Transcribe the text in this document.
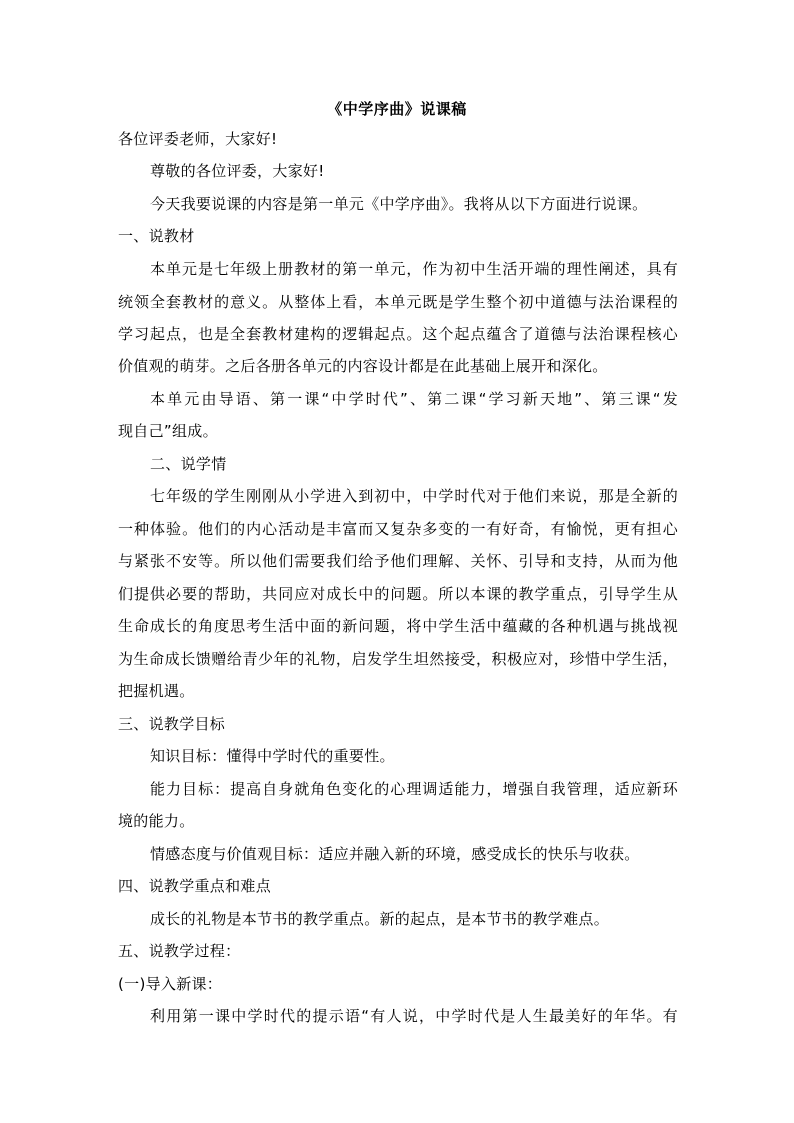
《中学序曲》说课稿
各位评委老师，大家好!
尊敬的各位评委，大家好!
今天我要说课的内容是第一单元《中学序曲》。我将从以下方面进行说课。
一、说教材
本单元是七年级上册教材的第一单元，作为初中生活开端的理性阐述，具有
统领全套教材的意义。从整体上看，本单元既是学生整个初中道德与法治课程的
学习起点，也是全套教材建构的逻辑起点。这个起点蕴含了道德与法治课程核心
价值观的萌芽。之后各册各单元的内容设计都是在此基础上展开和深化。
本单元由导语、第一课“中学时代”、第二课“学习新天地”、第三课“发
现自己”组成。
二、说学情
七年级的学生刚刚从小学进入到初中，中学时代对于他们来说，那是全新的
一种体验。他们的内心活动是丰富而又复杂多变的一有好奇，有愉悦，更有担心
与紧张不安等。所以他们需要我们给予他们理解、关怀、引导和支持，从而为他
们提供必要的帮助，共同应对成长中的问题。所以本课的教学重点，引导学生从
生命成长的角度思考生活中面的新问题，将中学生活中蕴藏的各种机遇与挑战视
为生命成长馈赠给青少年的礼物，启发学生坦然接受，积极应对，珍惜中学生活，
把握机遇。
三、说教学目标
知识目标：懂得中学时代的重要性。
能力目标：提高自身就角色变化的心理调适能力，增强自我管理，适应新环
境的能力。
情感态度与价值观目标：适应并融入新的环境，感受成长的快乐与收获。
四、说教学重点和难点
成长的礼物是本节书的教学重点。新的起点，是本节书的教学难点。
五、说教学过程：
(一)导入新课：
利用第一课中学时代的提示语“有人说，中学时代是人生最美好的年华。有
